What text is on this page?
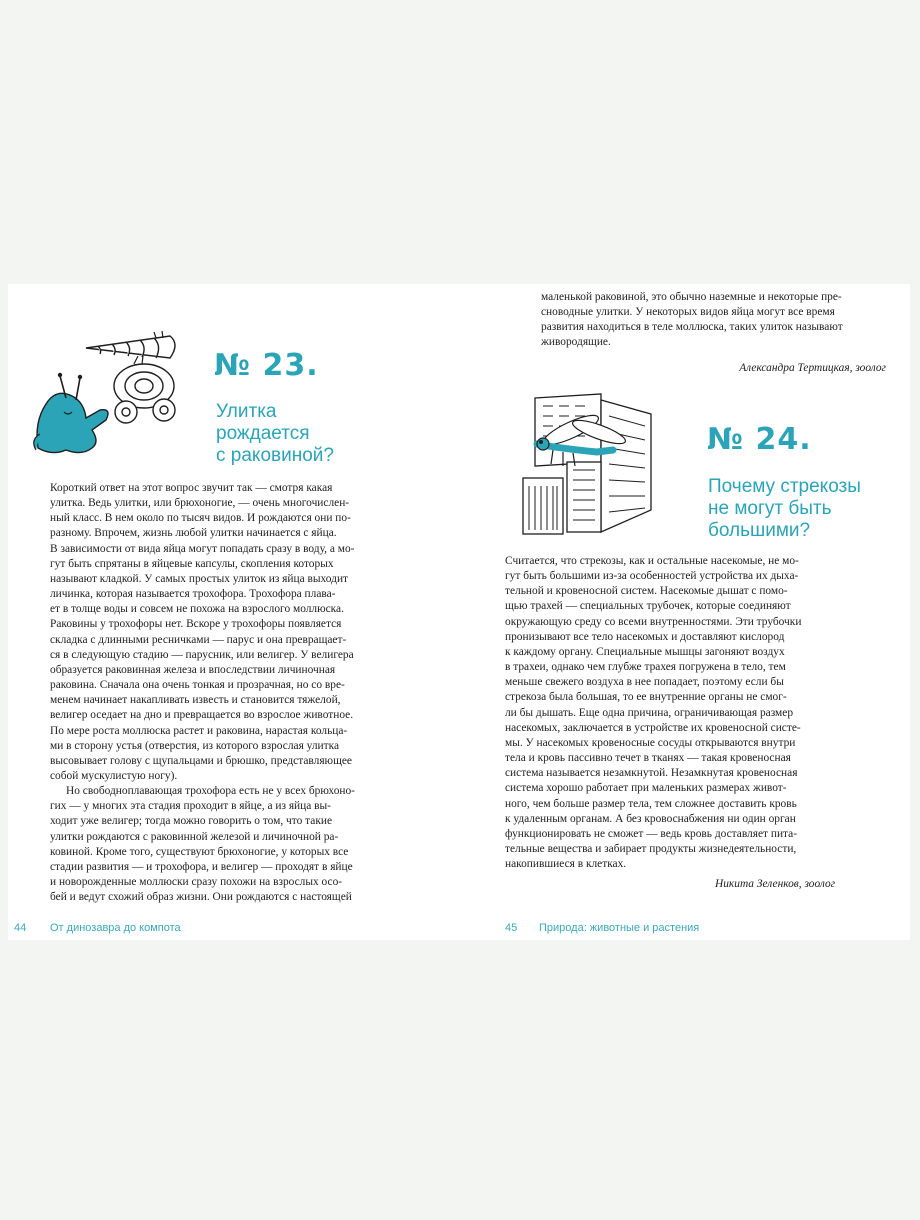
№ 23.
Улитка
рождается
с раковиной?
Короткий ответ на этот вопрос звучит так — смотря какая
улитка. Ведь улитки, или брюхоногие, — очень многочислен-
ный класс. В нем около по тысяч видов. И рождаются они по-
разному. Впрочем, жизнь любой улитки начинается с яйца.
В зависимости от вида яйца могут попадать сразу в воду, а мо-
гут быть спрятаны в яйцевые капсулы, скопления которых
называют кладкой. У самых простых улиток из яйца выходит
личинка, которая называется трохофора. Трохофора плава-
ет в толще воды и совсем не похожа на взрослого моллюска.
Раковины у трохофоры нет. Вскоре у трохофоры появляется
складка с длинными ресничками — парус и она превращает-
ся в следующую стадию — парусник, или велигер. У велигера
образуется раковинная железа и впоследствии личиночная
раковина. Сначала она очень тонкая и прозрачная, но со вре-
менем начинает накапливать известь и становится тяжелой,
велигер оседает на дно и превращается во взрослое животное.
По мере роста моллюска растет и раковина, нарастая кольца-
ми в сторону устья (отверстия, из которого взрослая улитка
высовывает голову с щупальцами и брюшко, представляющее
собой мускулистую ногу).
Но свободноплавающая трохофора есть не у всех брюхоно-
гих — у многих эта стадия проходит в яйце, а из яйца вы-
ходит уже велигер; тогда можно говорить о том, что такие
улитки рождаются с раковинной железой и личиночной ра-
ковиной. Кроме того, существуют брюхоногие, у которых все
стадии развития — и трохофора, и велигер — проходят в яйце
и новорожденные моллюски сразу похожи на взрослых осо-
бей и ведут схожий образ жизни. Они рождаются с настоящей
44 От динозавра до компота
маленькой раковиной, это обычно наземные и некоторые пре-
сноводные улитки. У некоторых видов яйца могут все время
развития находиться в теле моллюска, таких улиток называют
живородящие.
Александра Тертицкая, зоолог
№ 24.
Почему стрекозы
не могут быть
большими?
Считается, что стрекозы, как и остальные насекомые, не мо-
гут быть большими из-за особенностей устройства их дыха-
тельной и кровеносной систем. Насекомые дышат с помо-
щью трахей — специальных трубочек, которые соединяют
окружающую среду со всеми внутренностями. Эти трубочки
пронизывают все тело насекомых и доставляют кислород
к каждому органу. Специальные мышцы загоняют воздух
в трахеи, однако чем глубже трахея погружена в тело, тем
меньше свежего воздуха в нее попадает, поэтому если бы
стрекоза была большая, то ее внутренние органы не смог-
ли бы дышать. Еще одна причина, ограничивающая размер
насекомых, заключается в устройстве их кровеносной систе-
мы. У насекомых кровеносные сосуды открываются внутри
тела и кровь пассивно течет в тканях — такая кровеносная
система называется незамкнутой. Незамкнутая кровеносная
система хорошо работает при маленьких размерах живот-
ного, чем больше размер тела, тем сложнее доставить кровь
к удаленным органам. А без кровоснабжения ни один орган
функционировать не сможет — ведь кровь доставляет пита-
тельные вещества и забирает продукты жизнедеятельности,
накопившиеся в клетках.
Никита Зеленков, зоолог
45 Природа: животные и растения
